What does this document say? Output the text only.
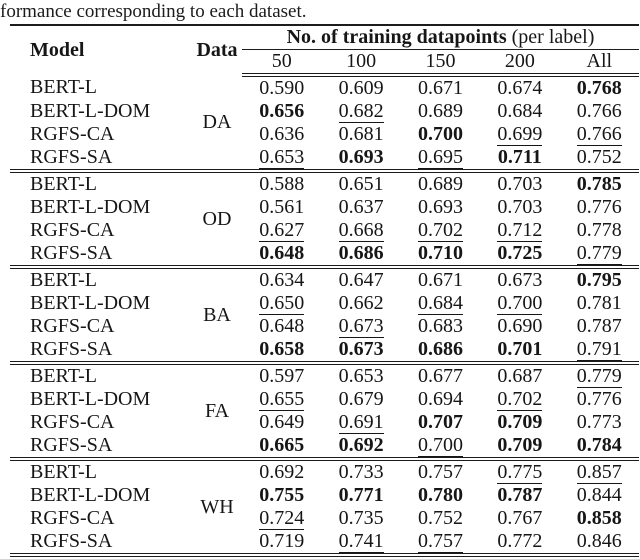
formance corresponding to each dataset.
Model	Data	No. of training datapoints (per label)				
		50	100	150	200	All
BERT-L	DA	0.590	0.609	0.671	0.674	0.768
BERT-L-DOM		0.656	0.682	0.689	0.684	0.766
RGFS-CA		0.636	0.681	0.700	0.699	0.766
RGFS-SA		0.653	0.693	0.695	0.711	0.752
BERT-L	OD	0.588	0.651	0.689	0.703	0.785
BERT-L-DOM		0.561	0.637	0.693	0.703	0.776
RGFS-CA		0.627	0.668	0.702	0.712	0.778
RGFS-SA		0.648	0.686	0.710	0.725	0.779
BERT-L	BA	0.634	0.647	0.671	0.673	0.795
BERT-L-DOM		0.650	0.662	0.684	0.700	0.781
RGFS-CA		0.648	0.673	0.683	0.690	0.787
RGFS-SA		0.658	0.673	0.686	0.701	0.791
BERT-L	FA	0.597	0.653	0.677	0.687	0.779
BERT-L-DOM		0.655	0.679	0.694	0.702	0.776
RGFS-CA		0.649	0.691	0.707	0.709	0.773
RGFS-SA		0.665	0.692	0.700	0.709	0.784
BERT-L	WH	0.692	0.733	0.757	0.775	0.857
BERT-L-DOM		0.755	0.771	0.780	0.787	0.844
RGFS-CA		0.724	0.735	0.752	0.767	0.858
RGFS-SA		0.719	0.741	0.757	0.772	0.846
